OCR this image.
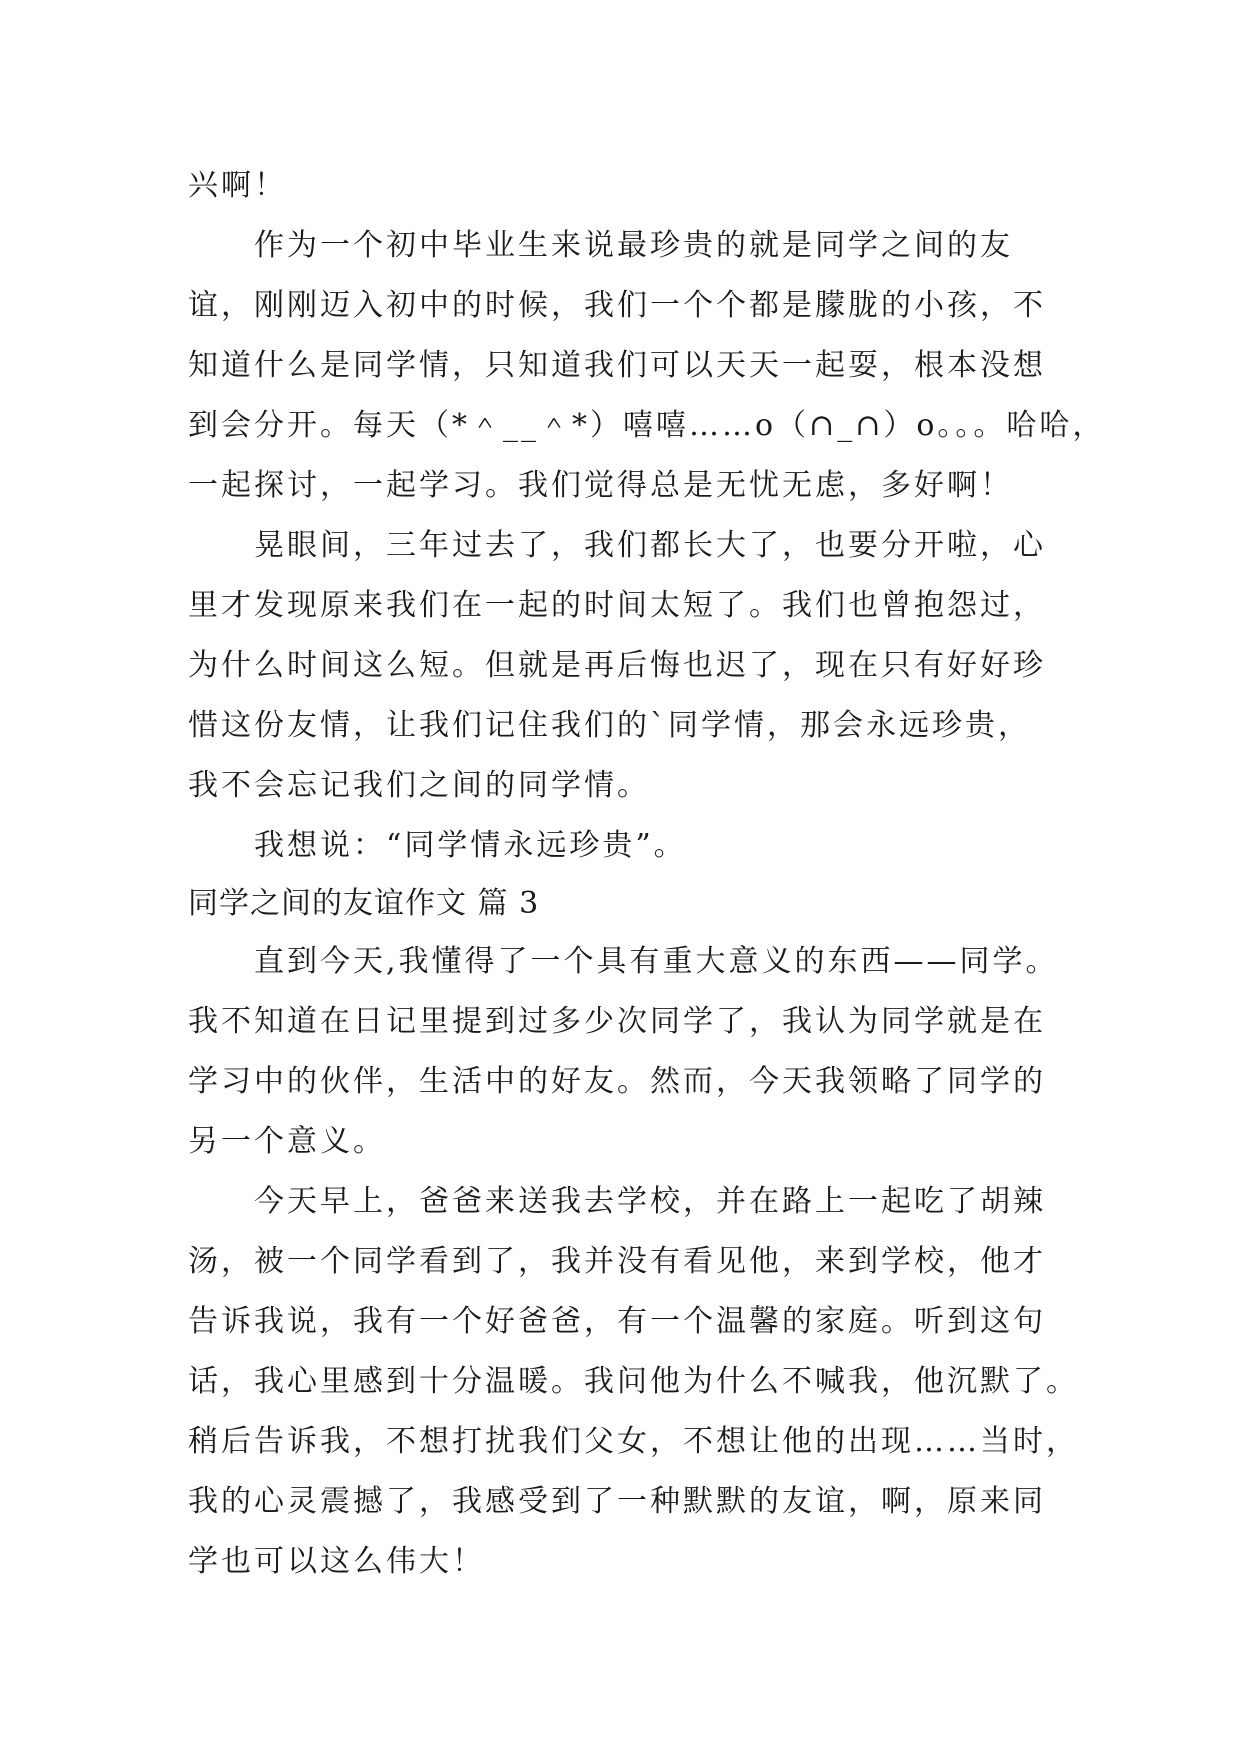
兴啊！
作为一个初中毕业生来说最珍贵的就是同学之间的友
谊，刚刚迈入初中的时候，我们一个个都是朦胧的小孩，不
知道什么是同学情，只知道我们可以天天一起耍，根本没想
到会分开。每天（*＾__＾*）嘻嘻……o（∩_∩）o。。。哈哈，
一起探讨，一起学习。我们觉得总是无忧无虑，多好啊！
晃眼间，三年过去了，我们都长大了，也要分开啦，心
里才发现原来我们在一起的时间太短了。我们也曾抱怨过，
为什么时间这么短。但就是再后悔也迟了，现在只有好好珍
惜这份友情，让我们记住我们的`同学情，那会永远珍贵，
我不会忘记我们之间的同学情。
我想说：“同学情永远珍贵”。
同学之间的友谊作文 篇 3
直到今天,我懂得了一个具有重大意义的东西——同学。
我不知道在日记里提到过多少次同学了，我认为同学就是在
学习中的伙伴，生活中的好友。然而，今天我领略了同学的
另一个意义。
今天早上，爸爸来送我去学校，并在路上一起吃了胡辣
汤，被一个同学看到了，我并没有看见他，来到学校，他才
告诉我说，我有一个好爸爸，有一个温馨的家庭。听到这句
话，我心里感到十分温暖。我问他为什么不喊我，他沉默了。
稍后告诉我，不想打扰我们父女，不想让他的出现……当时，
我的心灵震撼了，我感受到了一种默默的友谊，啊，原来同
学也可以这么伟大！
